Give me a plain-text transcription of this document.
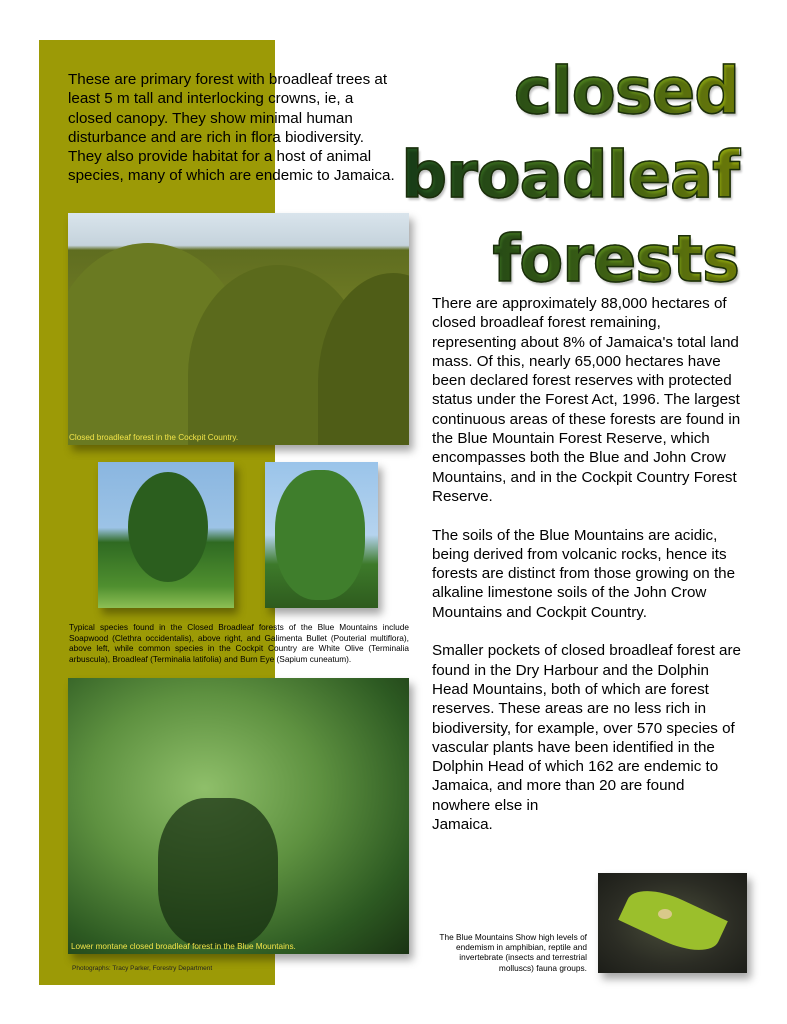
closed
broadleaf
forests
These are primary forest with broadleaf trees at least 5 m tall and interlocking crowns, ie, a closed canopy. They show minimal human disturbance and are rich in flora biodiversity. They also provide habitat for a host of animal species, many of which are endemic to Jamaica.
Closed broadleaf forest in the Cockpit Country.
Typical species found in the Closed Broadleaf forests of the Blue Mountains include Soapwood (Clethra occidentalis), above right, and Galimenta Bullet (Pouterial multiflora), above left, while common species in the Cockpit Country are White Olive (Terminalia arbuscula), Broadleaf (Terminalia latifolia) and Burn Eye (Sapium cuneatum).
Lower montane closed broadleaf forest in the Blue Mountains.
Photographs: Tracy Parker, Forestry Department

There are approximately 88,000 hectares of closed broadleaf forest remaining, representing about 8% of Jamaica's total land mass. Of this, nearly 65,000 hectares have been declared forest reserves with protected status under the Forest Act, 1996. The largest continuous areas of these forests are found in the Blue Mountain Forest Reserve, which encompasses both the Blue and John Crow Mountains, and in the Cockpit Country Forest Reserve.

The soils of the Blue Mountains are acidic, being derived from volcanic rocks, hence its forests are distinct from those growing on the alkaline limestone soils of the John Crow Mountains and Cockpit Country.

Smaller pockets of closed broadleaf forest are found in the Dry Harbour and the Dolphin Head Mountains, both of which are forest reserves. These areas are no less rich in biodiversity, for example, over 570 species of vascular plants have been identified in the Dolphin Head of which 162 are endemic to Jamaica, and more than 20 are found

nowhere else in Jamaica.
The Blue Mountains Show high levels of endemism in amphibian, reptile and invertebrate (insects and terrestrial molluscs) fauna groups.
